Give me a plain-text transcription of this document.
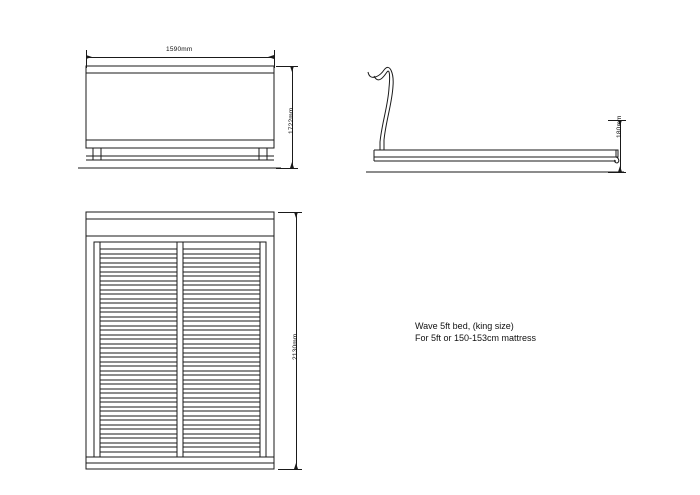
1590mm
1722mm	180mm
2130mm
Wave 5ft bed, (king size)
For 5ft or 150-153cm mattress
